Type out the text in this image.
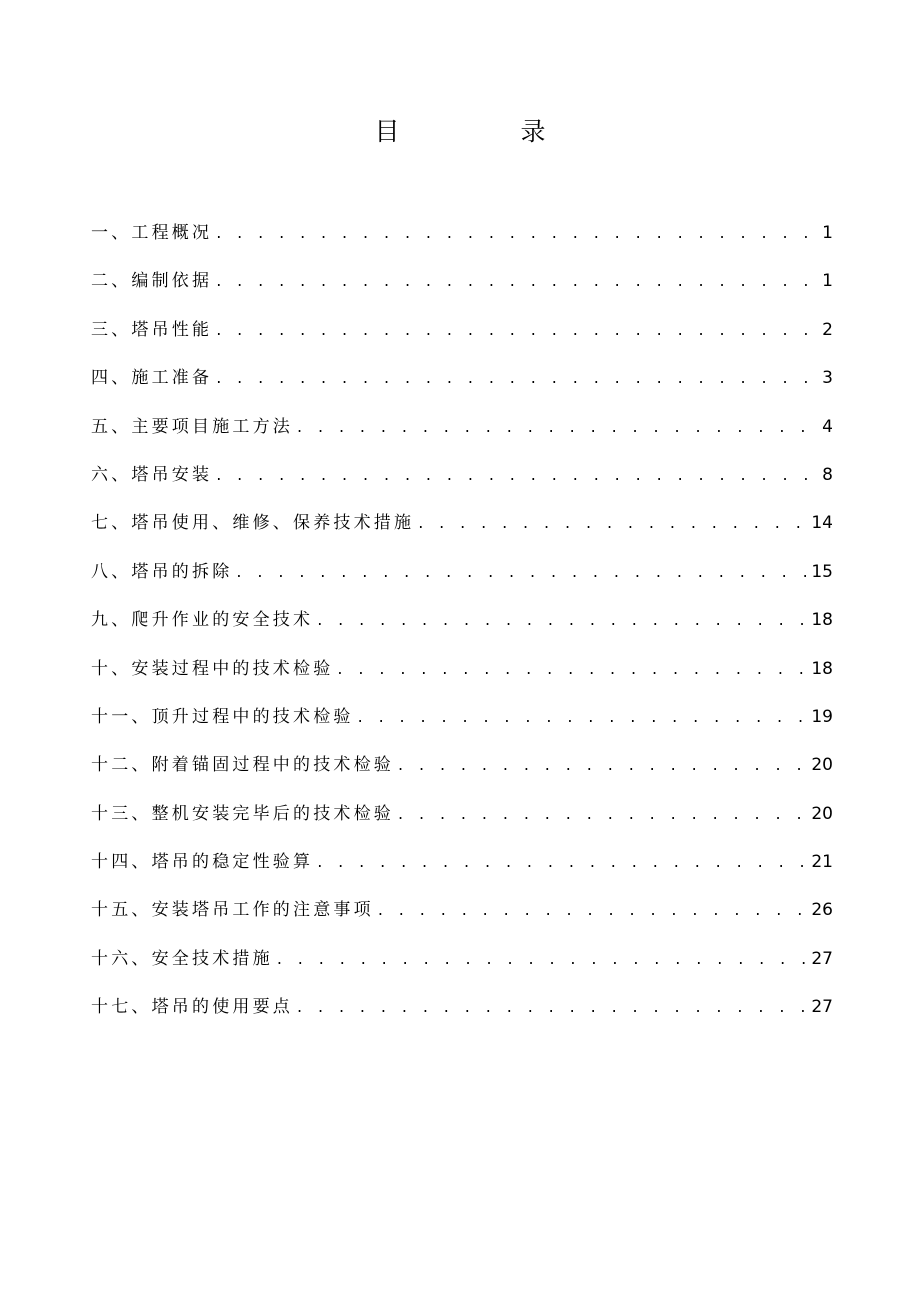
目　录
一、工程概况 . . .	1
二、编制依据 . . .	1
三、塔吊性能 . . .	2
四、施工准备 . . .	3
五、主要项目施工方法 . . .	4
六、塔吊安装 . . .	8
七、塔吊使用、维修、保养技术措施 . . .	14
八、塔吊的拆除 . . .	15
九、爬升作业的安全技术 . . .	18
十、安装过程中的技术检验 . . .	18
十一、顶升过程中的技术检验 . . .	19
十二、附着锚固过程中的技术检验 . . .	20
十三、整机安装完毕后的技术检验 . . .	20
十四、塔吊的稳定性验算 . . .	21
十五、安装塔吊工作的注意事项 . . .	26
十六、安全技术措施 . . .	27
十七、塔吊的使用要点 . . .	27
